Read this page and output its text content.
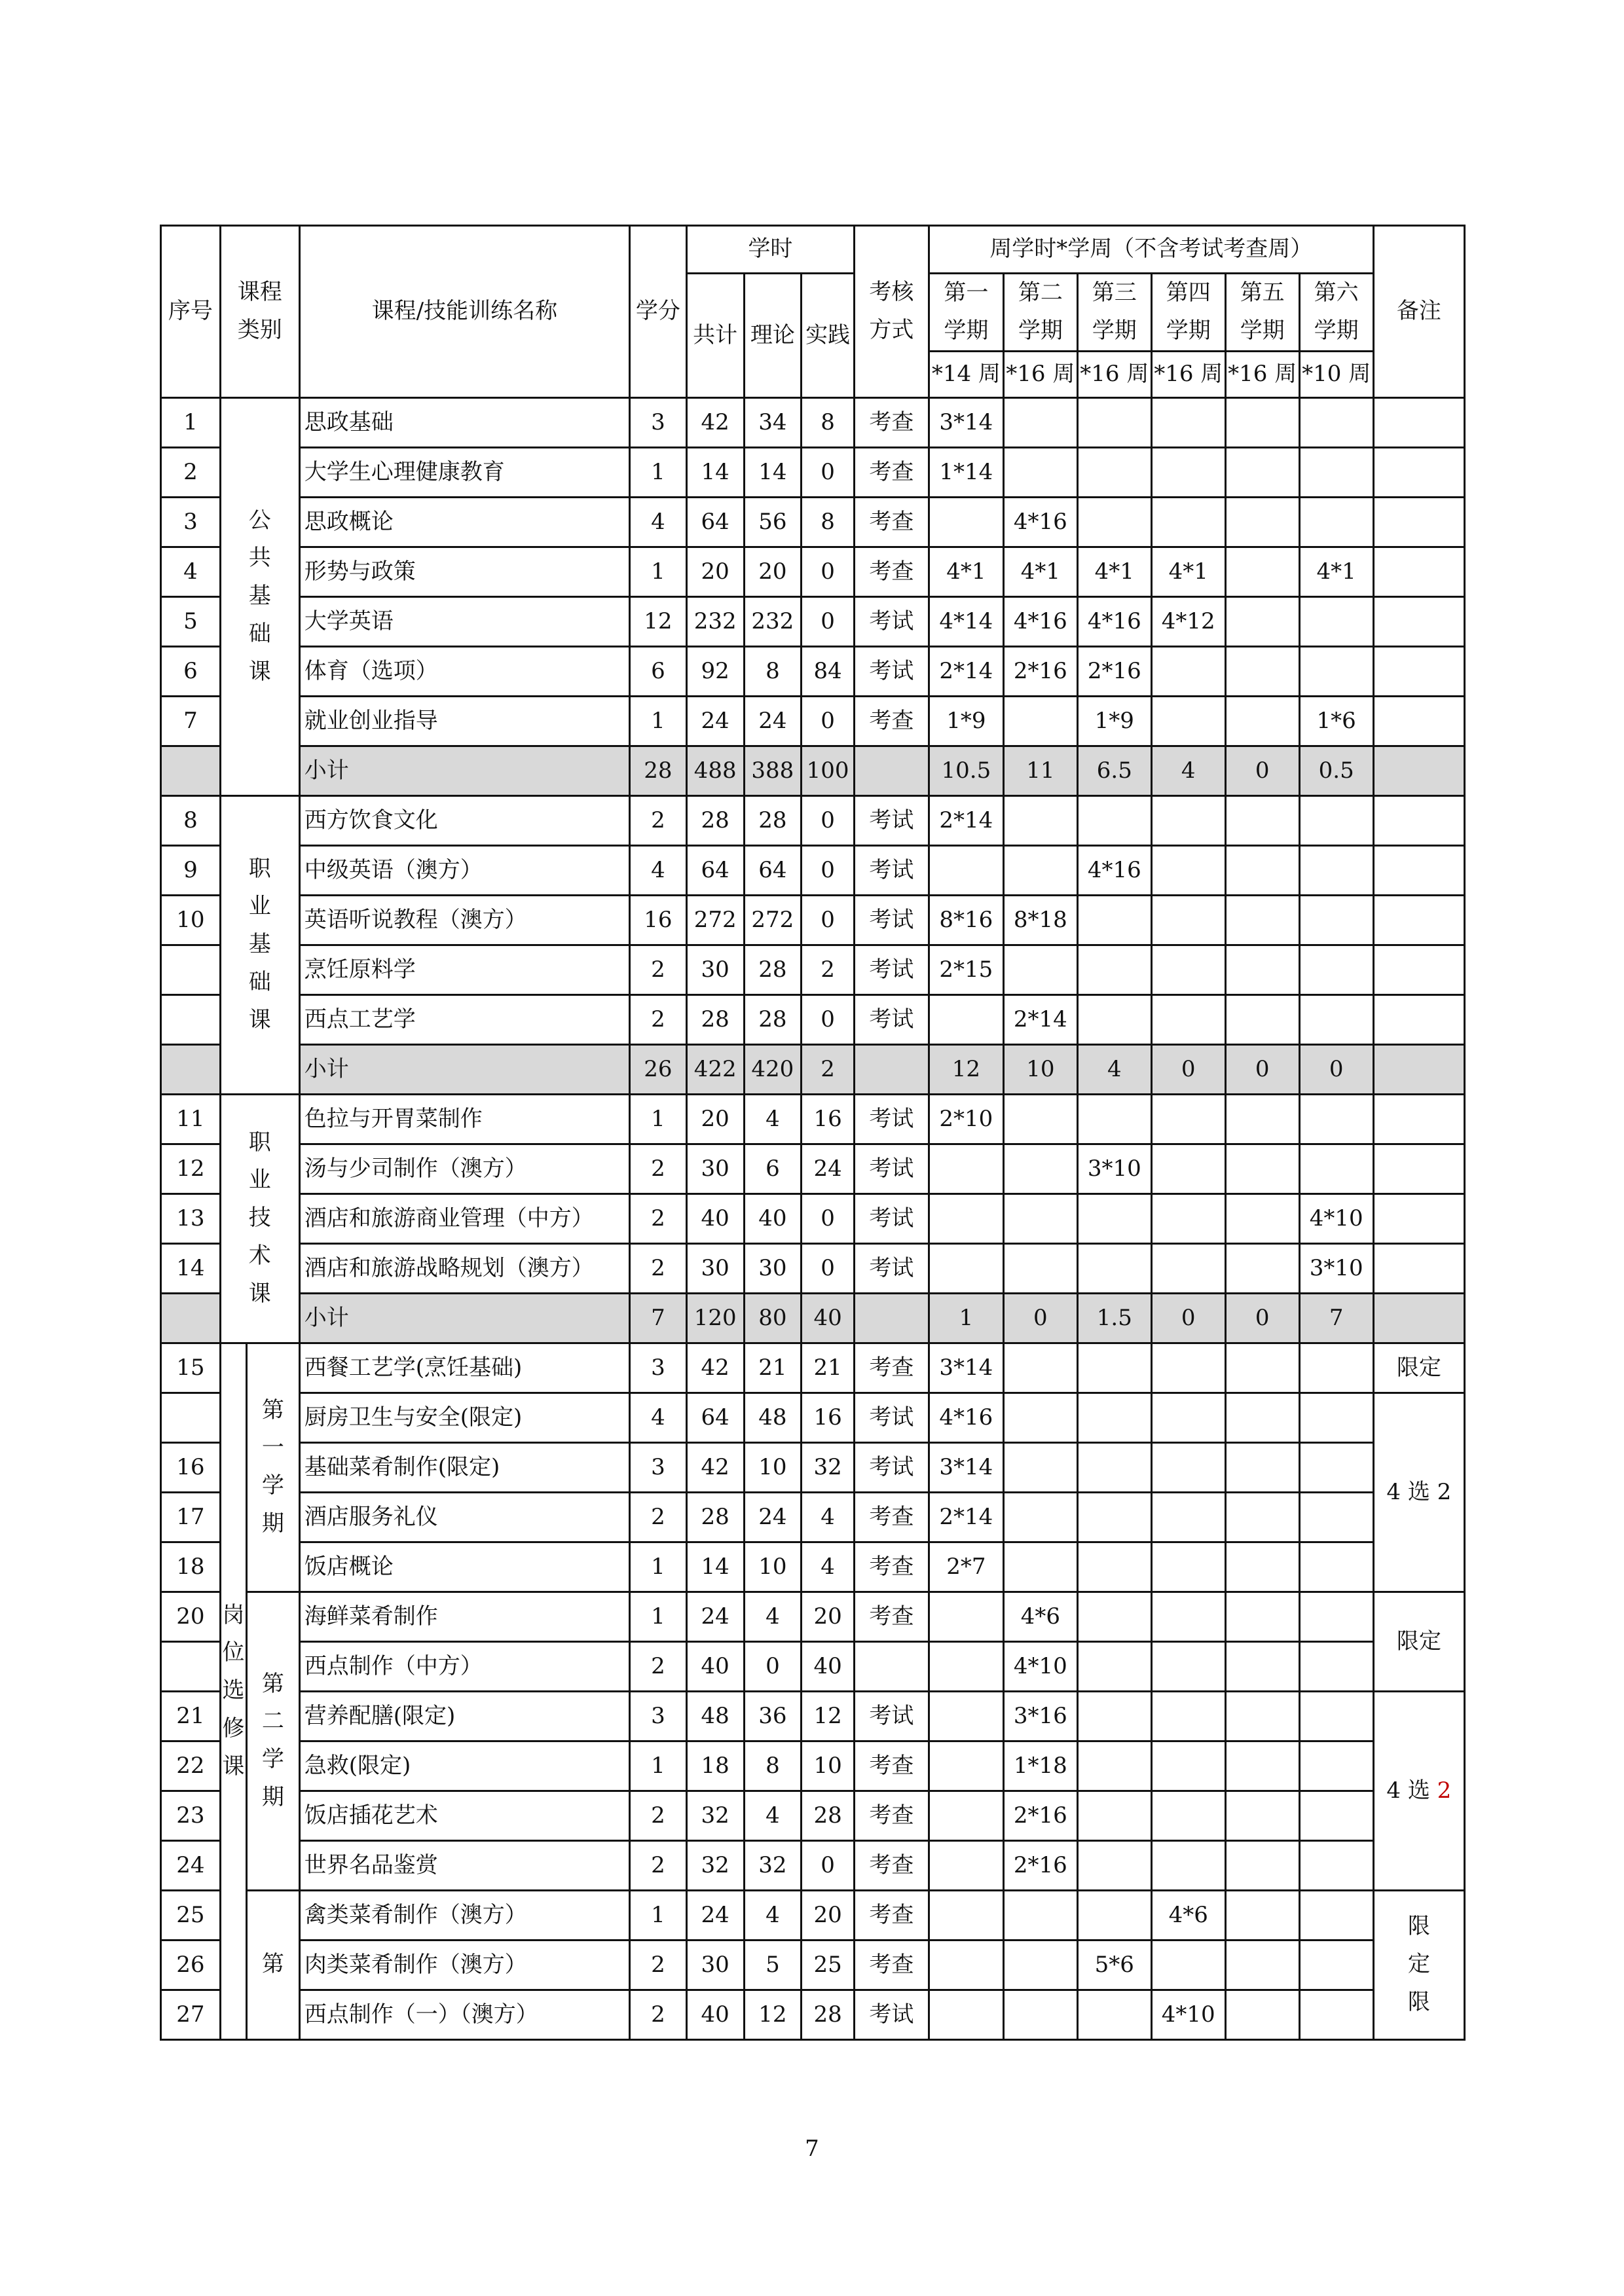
序号	课程类别		课程/技能训练名称	学分	学时			考核方式	周学时*学周（不含考试考查周）						备注
					共计	理论	实践		第一学期	第二学期	第三学期	第四学期	第五学期	第六学期	
									*14 周	*16 周	*16 周	*16 周	*16 周	*10 周	
1	公共基础课		思政基础	3	42	34	8	考查	3*14						
2			大学生心理健康教育	1	14	14	0	考查	1*14						
3			思政概论	4	64	56	8	考查		4*16					
4			形势与政策	1	20	20	0	考查	4*1	4*1	4*1	4*1		4*1	
5			大学英语	12	232	232	0	考试	4*14	4*16	4*16	4*12			
6			体育（选项）	6	92	8	84	考试	2*14	2*16	2*16				
7			就业创业指导	1	24	24	0	考查	1*9		1*9			1*6	
			小计	28	488	388	100		10.5	11	6.5	4	0	0.5	
8	职业基础课		西方饮食文化	2	28	28	0	考试	2*14						
9			中级英语（澳方）	4	64	64	0	考试			4*16				
10			英语听说教程（澳方）	16	272	272	0	考试	8*16	8*18					
			烹饪原料学	2	30	28	2	考试	2*15						
			西点工艺学	2	28	28	0	考试		2*14					
			小计	26	422	420	2		12	10	4	0	0	0	
11	职业技术课		色拉与开胃菜制作	1	20	4	16	考试	2*10						
12			汤与少司制作（澳方）	2	30	6	24	考试			3*10				
13			酒店和旅游商业管理（中方）	2	40	40	0	考试						4*10	
14			酒店和旅游战略规划（澳方）	2	30	30	0	考试						3*10	
			小计	7	120	80	40		1	0	1.5	0	0	7	
15	岗位选修课	第一学期	西餐工艺学(烹饪基础)	3	42	21	21	考查	3*14						限定
			厨房卫生与安全(限定)	4	64	48	16	考试	4*16						4 选 2
16			基础菜肴制作(限定)	3	42	10	32	考试	3*14						
17			酒店服务礼仪	2	28	24	4	考查	2*14						
18			饭店概论	1	14	10	4	考查	2*7						
20		第二学期	海鲜菜肴制作	1	24	4	20	考查		4*6					限定
			西点制作（中方）	2	40	0	40			4*10					
21			营养配膳(限定)	3	48	36	12	考试		3*16					4 选 2
22			急救(限定)	1	18	8	10	考查		1*18					
23			饭店插花艺术	2	32	4	28	考查		2*16					
24			世界名品鉴赏	2	32	32	0	考查		2*16					
25		第	禽类菜肴制作（澳方）	1	24	4	20	考查				4*6			限定限
26			肉类菜肴制作（澳方）	2	30	5	25	考查			5*6				
27			西点制作（一）（澳方）	2	40	12	28	考试				4*10			
7
